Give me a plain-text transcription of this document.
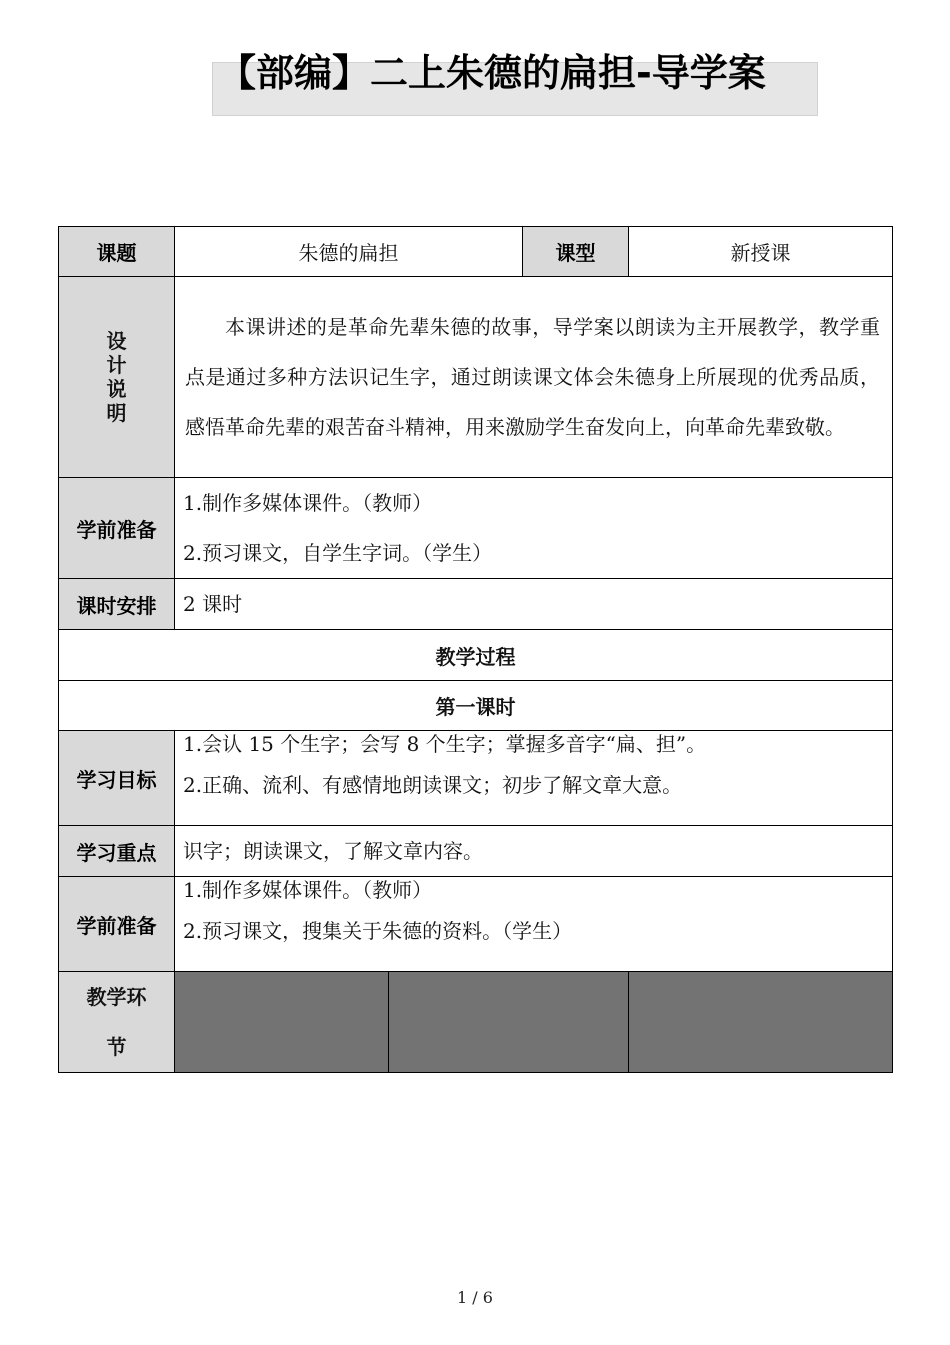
【部编】二上朱德的扁担-导学案
课题	朱德的扁担		课型	新授课

设
计
说
明	本课讲述的是革命先辈朱德的故事，导学案以朗读为主开展教学，教学重点是通过多种方法识记生字，通过朗读课文体会朱德身上所展现的优秀品质，感悟革命先辈的艰苦奋斗精神，用来激励学生奋发向上，向革命先辈致敬。			
学前准备	1.制作多媒体课件。（教师）
2.预习课文，自学生字词。（学生）			

课时安排	2 课时			
教学过程				
第一课时				
学习目标	1.会认 15 个生字；会写 8 个生字；掌握多音字“扁、担”。
2.正确、流利、有感情地朗读课文；初步了解文章大意。			

学习重点	识字；朗读课文，了解文章内容。			
学前准备	1.制作多媒体课件。（教师）
2.预习课文，搜集关于朱德的资料。（学生）			

教学环
节				

1 / 6
